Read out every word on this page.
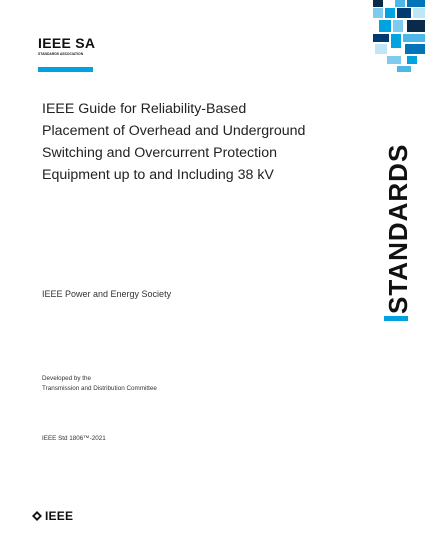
IEEE SA
STANDARDS ASSOCIATION
IEEE Guide for Reliability-Based Placement of Overhead and Underground Switching and Overcurrent Protection Equipment up to and Including 38 kV
IEEE Power and Energy Society
Developed by the
Transmission and Distribution Committee
IEEE Std 1806™-2021
STANDARDS
IEEE
